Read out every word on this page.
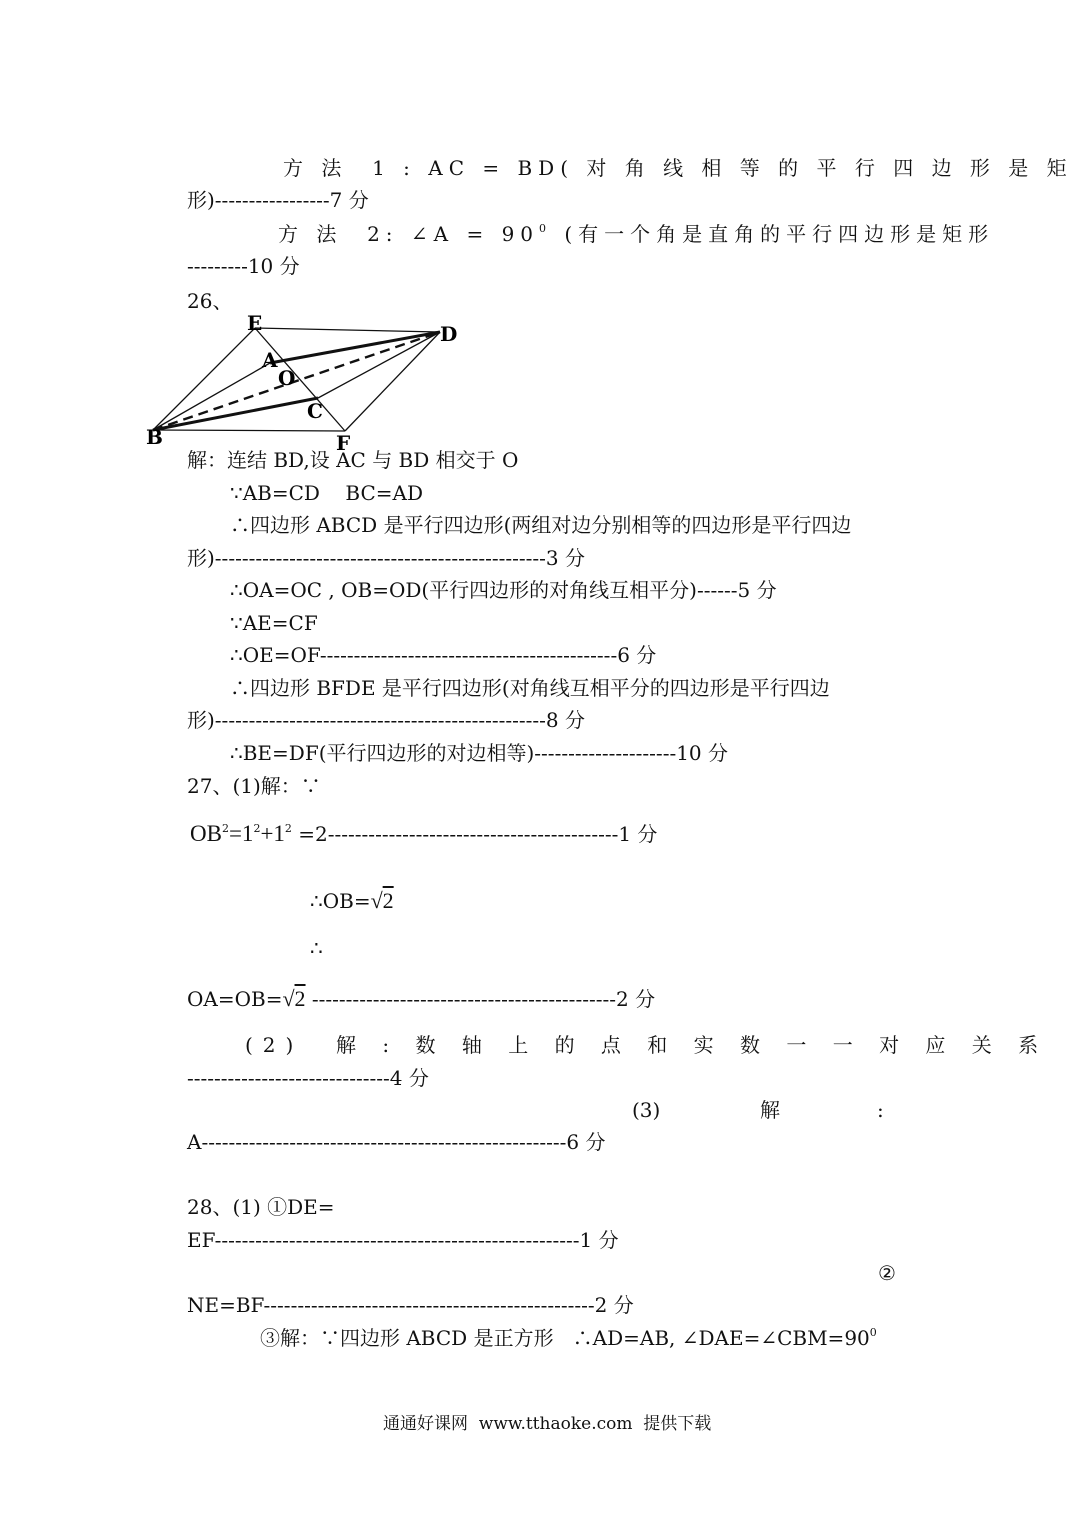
方 法  1 : AC = BD( 对 角 线 相 等 的 平 行 四 边 形 是 矩
形)-----------------7 分
方 法  2: ∠A = $90^0$ (有一个角是直角的平行四边形是矩形
---------10 分
26、
E	D
A
O
C
B	F
解：连结 BD,设 AC 与 BD 相交于 O
∵AB=CD    BC=AD
∴四边形 ABCD 是平行四边形(两组对边分别相等的四边形是平行四边
形)-------------------------------------------------3 分
∴OA=OC , OB=OD(平行四边形的对角线互相平分)------5 分
∵AE=CF
∴OE=OF--------------------------------------------6 分
∴四边形 BFDE 是平行四边形(对角线互相平分的四边形是平行四边
形)-------------------------------------------------8 分
∴BE=DF(平行四边形的对边相等)---------------------10 分
27、(1)解：∵
$OB^2=1^2+1^2 =2-------------------------------------------1$ 分
∴OB=√2
∴
OA=OB=√2 ---------------------------------------------2 分
(2)  解 : 数 轴 上 的 点 和 实 数 一 一 对 应 关 系
------------------------------4 分
(3)	解	:
A------------------------------------------------------6 分
28、(1) ①DE=
EF------------------------------------------------------1 分
②
NE=BF-------------------------------------------------2 分
③解：∵四边形 ABCD 是正方形   ∴AD=AB, $\angle DAE=\angle CBM=90^0$
通通好课网  www.tthaoke.com  提供下载
